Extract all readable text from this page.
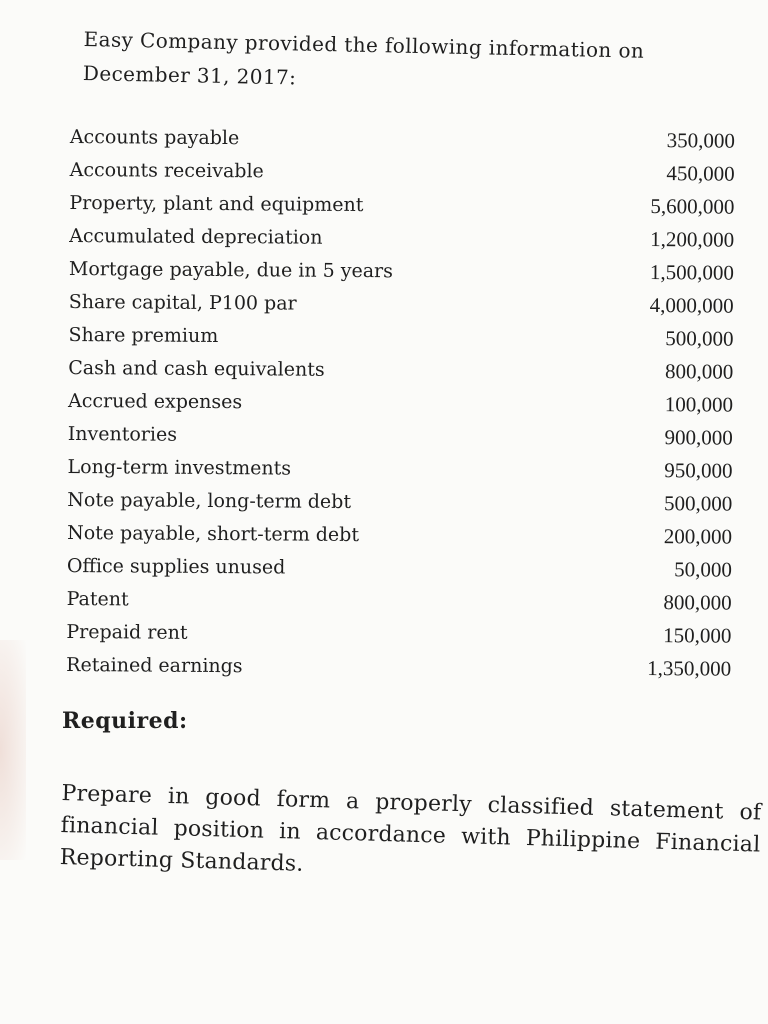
Easy Company provided the following information on
December 31, 2017:
Accounts payable	350,000
Accounts receivable	450,000
Property, plant and equipment	5,600,000
Accumulated depreciation	1,200,000
Mortgage payable, due in 5 years	1,500,000
Share capital, P100 par	4,000,000
Share premium	500,000
Cash and cash equivalents	800,000
Accrued expenses	100,000
Inventories	900,000
Long-term investments	950,000
Note payable, long-term debt	500,000
Note payable, short-term debt	200,000
Office supplies unused	50,000
Patent	800,000
Prepaid rent	150,000
Retained earnings	1,350,000
Required:

Prepare in good form a properly classified statement of financial position in accordance with Philippine Financial Reporting Standards.
